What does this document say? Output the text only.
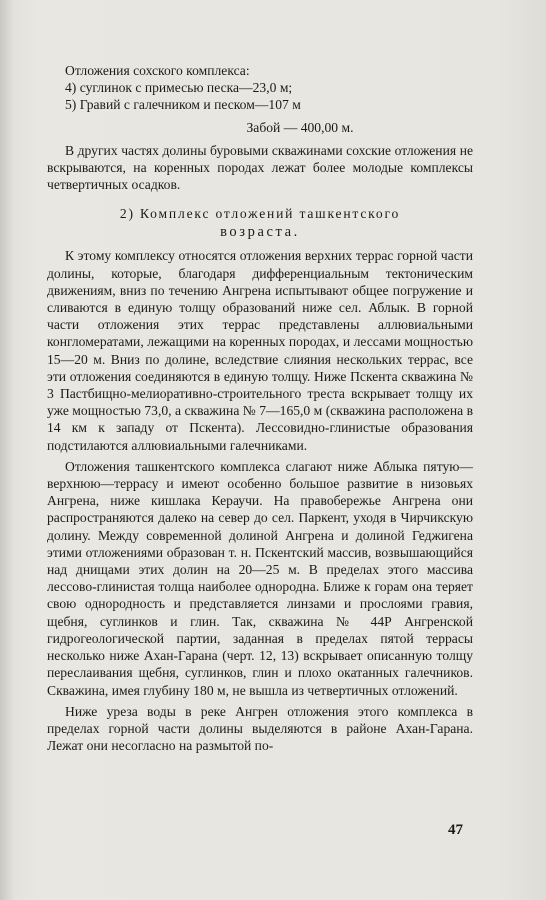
Отложения сохского комплекса:

4) суглинок с примесью песка—23,0 м;

5) Гравий с галечником и песком—107 м

Забой — 400,00 м.

В других частях долины буровыми скважинами сохские отложения не вскрываются, на коренных породах лежат более молодые комплексы четвертичных осадков.

2) Комплекс отложений ташкентского
возраста.

К этому комплексу относятся отложения верхних террас горной части долины, которые, благодаря дифференциальным тектоническим движениям, вниз по течению Ангрена испытывают общее погружение и сливаются в единую толщу образований ниже сел. Аблык. В горной части отложения этих террас представлены аллювиальными конгломератами, лежащими на коренных породах, и лессами мощностью 15—20 м. Вниз по долине, вследствие слияния нескольких террас, все эти отложения соединяются в единую толщу. Ниже Пскента скважина № 3 Пастбищно-мелиоративно-строительного треста вскрывает толщу их уже мощностью 73,0, а скважина № 7—165,0 м (скважина расположена в 14 км к западу от Пскента). Лессовидно-глинистые образования подстилаются аллювиальными галечниками.

Отложения ташкентского комплекса слагают ниже Аблыка пятую—верхнюю—террасу и имеют особенно большое развитие в низовьях Ангрена, ниже кишлака Кераучи. На правобережье Ангрена они распространяются далеко на север до сел. Паркент, уходя в Чирчикскую долину. Между современной долиной Ангрена и долиной Геджигена этими отложениями образован т. н. Пскентский массив, возвышающийся над днищами этих долин на 20—25 м. В пределах этого массива лессово-глинистая толща наиболее однородна. Ближе к горам она теряет свою однородность и представляется линзами и прослоями гравия, щебня, суглинков и глин. Так, скважина № 44Р Ангренской гидрогеологической партии, заданная в пределах пятой террасы несколько ниже Ахан-Гарана (черт. 12, 13) вскрывает описанную толщу переслаивания щебня, суглинков, глин и плохо окатанных галечников. Скважина, имея глубину 180 м, не вышла из четвертичных отложений.

Ниже уреза воды в реке Ангрен отложения этого комплекса в пределах горной части долины выделяются в районе Ахан-Гарана. Лежат они несогласно на размытой по-

47
